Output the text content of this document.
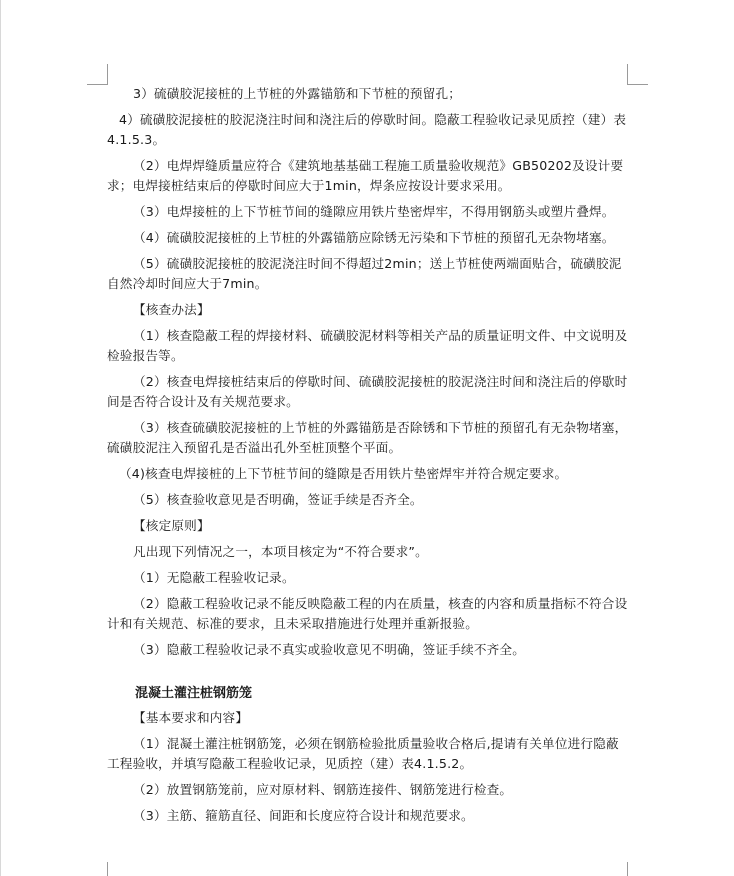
3）硫磺胶泥接桩的上节桩的外露锚筋和下节桩的预留孔；

4）硫磺胶泥接桩的胶泥浇注时间和浇注后的停歇时间。隐蔽工程验收记录见质控（建）表4.1.5.3。

（2）电焊焊缝质量应符合《建筑地基基础工程施工质量验收规范》GB50202及设计要求；电焊接桩结束后的停歇时间应大于1min，焊条应按设计要求采用。

（3）电焊接桩的上下节桩节间的缝隙应用铁片垫密焊牢，不得用钢筋头或塑片叠焊。

（4）硫磺胶泥接桩的上节桩的外露锚筋应除锈无污染和下节桩的预留孔无杂物堵塞。

（5）硫磺胶泥接桩的胶泥浇注时间不得超过2min；送上节桩使两端面贴合，硫磺胶泥自然冷却时间应大于7min。

【核查办法】

（1）核查隐蔽工程的焊接材料、硫磺胶泥材料等相关产品的质量证明文件、中文说明及检验报告等。

（2）核查电焊接桩结束后的停歇时间、硫磺胶泥接桩的胶泥浇注时间和浇注后的停歇时间是否符合设计及有关规范要求。

（3）核查硫磺胶泥接桩的上节桩的外露锚筋是否除锈和下节桩的预留孔有无杂物堵塞，硫磺胶泥注入预留孔是否溢出孔外至桩顶整个平面。

（4)核查电焊接桩的上下节桩节间的缝隙是否用铁片垫密焊牢并符合规定要求。

（5）核查验收意见是否明确，签证手续是否齐全。

【核定原则】

凡出现下列情况之一，本项目核定为“不符合要求”。

（1）无隐蔽工程验收记录。

（2）隐蔽工程验收记录不能反映隐蔽工程的内在质量，核查的内容和质量指标不符合设计和有关规范、标准的要求，且未采取措施进行处理并重新报验。

（3）隐蔽工程验收记录不真实或验收意见不明确，签证手续不齐全。

混凝土灌注桩钢筋笼

【基本要求和内容】

（1）混凝土灌注桩钢筋笼，必须在钢筋检验批质量验收合格后,提请有关单位进行隐蔽工程验收，并填写隐蔽工程验收记录，见质控（建）表4.1.5.2。

（2）放置钢筋笼前，应对原材料、钢筋连接件、钢筋笼进行检查。

（3）主筋、箍筋直径、间距和长度应符合设计和规范要求。
